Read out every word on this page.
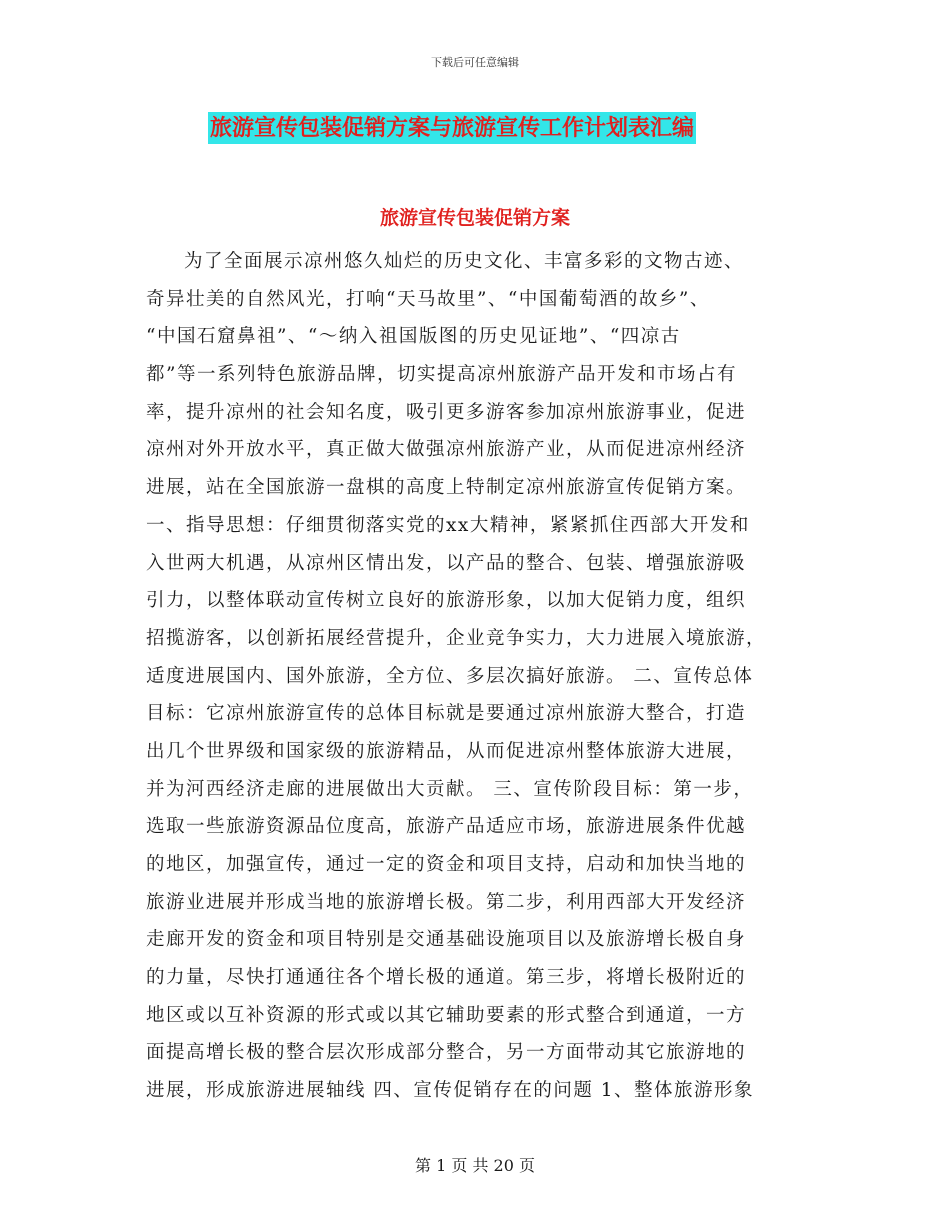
下载后可任意编辑
旅游宣传包装促销方案与旅游宣传工作计划表汇编
旅游宣传包装促销方案
为了全面展示凉州悠久灿烂的历史文化、丰富多彩的文物古迹、
奇异壮美的自然风光，打响“天马故里”、“中国葡萄酒的故乡”、
“中国石窟鼻祖”、“～纳入祖国版图的历史见证地”、“四凉古
都”等一系列特色旅游品牌，切实提高凉州旅游产品开发和市场占有
率，提升凉州的社会知名度，吸引更多游客参加凉州旅游事业，促进
凉州对外开放水平，真正做大做强凉州旅游产业，从而促进凉州经济
进展，站在全国旅游一盘棋的高度上特制定凉州旅游宣传促销方案。
一、指导思想：仔细贯彻落实党的xx大精神，紧紧抓住西部大开发和
入世两大机遇，从凉州区情出发，以产品的整合、包装、增强旅游吸
引力，以整体联动宣传树立良好的旅游形象，以加大促销力度，组织
招揽游客，以创新拓展经营提升，企业竞争实力，大力进展入境旅游，
适度进展国内、国外旅游，全方位、多层次搞好旅游。 二、宣传总体
目标：它凉州旅游宣传的总体目标就是要通过凉州旅游大整合，打造
出几个世界级和国家级的旅游精品，从而促进凉州整体旅游大进展，
并为河西经济走廊的进展做出大贡献。 三、宣传阶段目标：第一步，
选取一些旅游资源品位度高，旅游产品适应市场，旅游进展条件优越
的地区，加强宣传，通过一定的资金和项目支持，启动和加快当地的
旅游业进展并形成当地的旅游增长极。第二步，利用西部大开发经济
走廊开发的资金和项目特别是交通基础设施项目以及旅游增长极自身
的力量，尽快打通通往各个增长极的通道。第三步，将增长极附近的
地区或以互补资源的形式或以其它辅助要素的形式整合到通道，一方
面提高增长极的整合层次形成部分整合，另一方面带动其它旅游地的
进展，形成旅游进展轴线 四、宣传促销存在的问题 1、整体旅游形象
第 1 页 共 20 页
